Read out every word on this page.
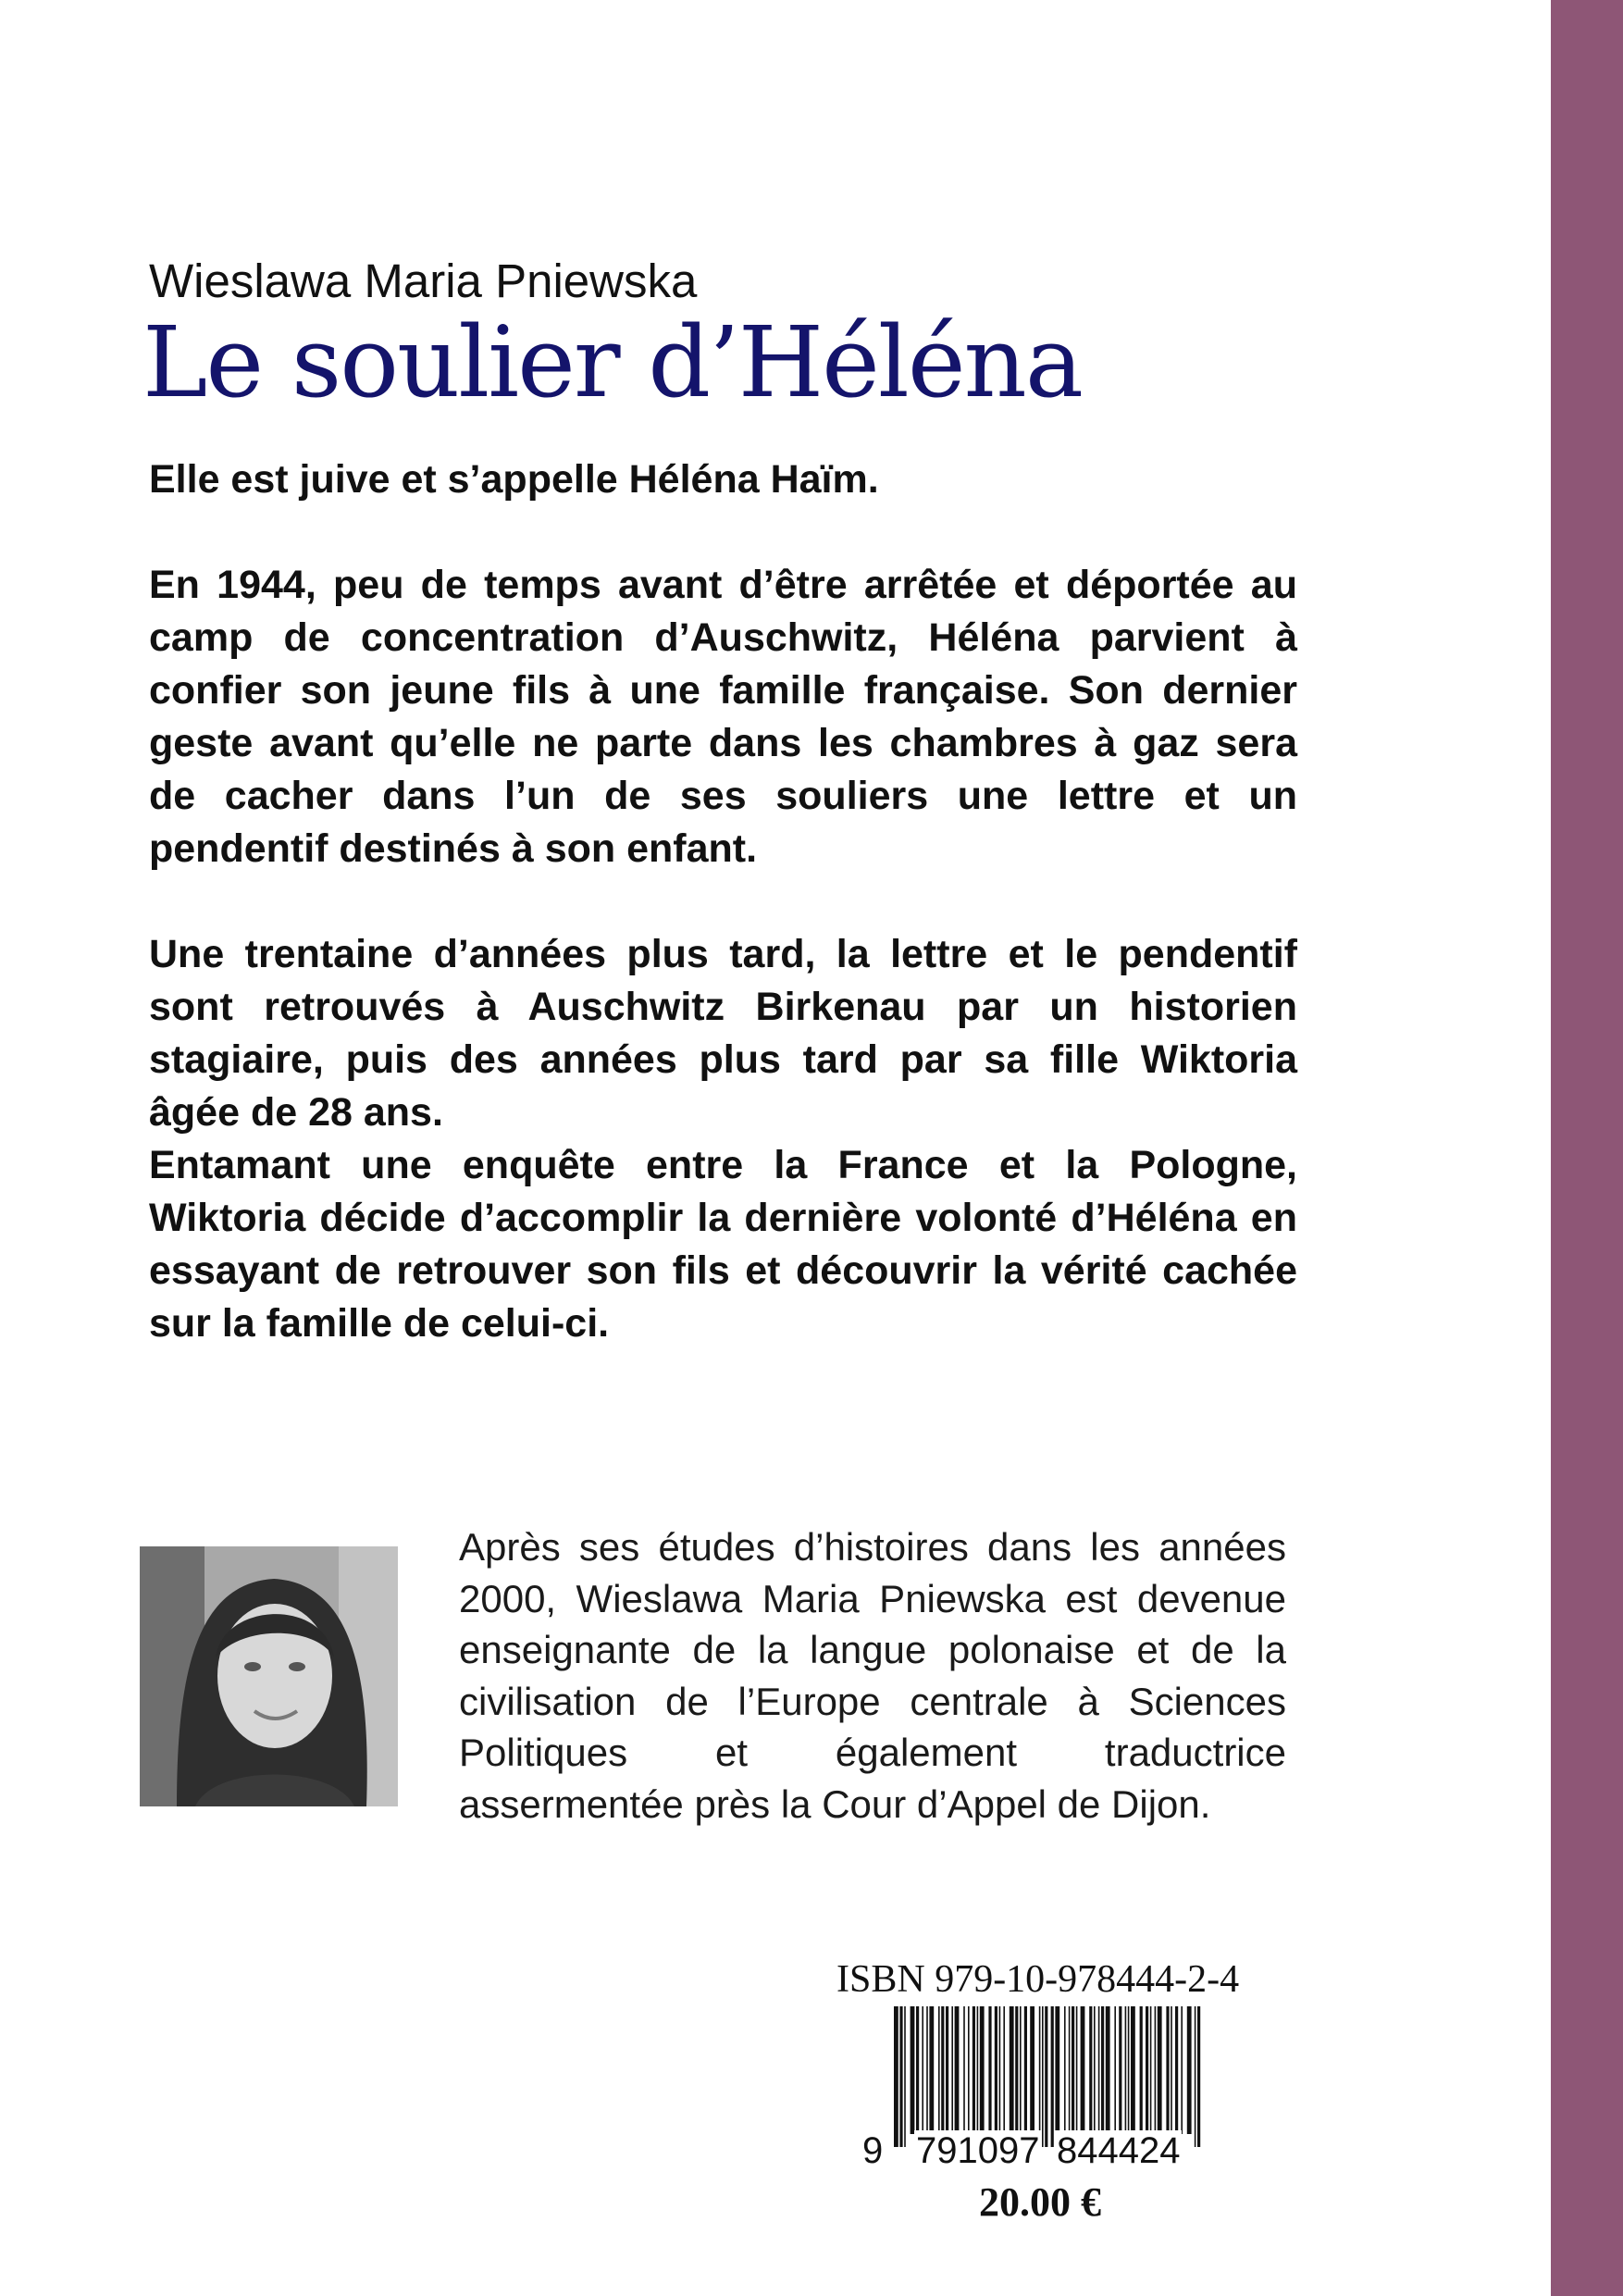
Wieslawa Maria Pniewska
Le soulier d’Héléna

Elle est juive et s’appelle Héléna Haïm.

En 1944, peu de temps avant d’être arrêtée et déportée au camp de concentration d’Auschwitz, Héléna parvient à confier son jeune fils à une famille française. Son dernier geste avant qu’elle ne parte dans les chambres à gaz sera de cacher dans l’un de ses souliers une lettre et un pendentif destinés à son enfant.

Une trentaine d’années plus tard, la lettre et le pendentif sont retrouvés à Auschwitz Birkenau par un historien stagiaire, puis des années plus tard par sa fille Wiktoria âgée de 28 ans.

Entamant une enquête entre la France et la Pologne, Wiktoria décide d’accomplir la dernière volonté d’Héléna en essayant de retrouver son fils et découvrir la vérité cachée sur la famille de celui-ci.

Après ses études d’histoires dans les années 2000, Wieslawa Maria Pniewska est devenue enseignante de la langue polonaise et de la civilisation de l’Europe centrale à Sciences Politiques et également traductrice assermentée près la Cour d’Appel de Dijon.

ISBN 979-10-978444-2-4
9 791097 844424
20.00 €
